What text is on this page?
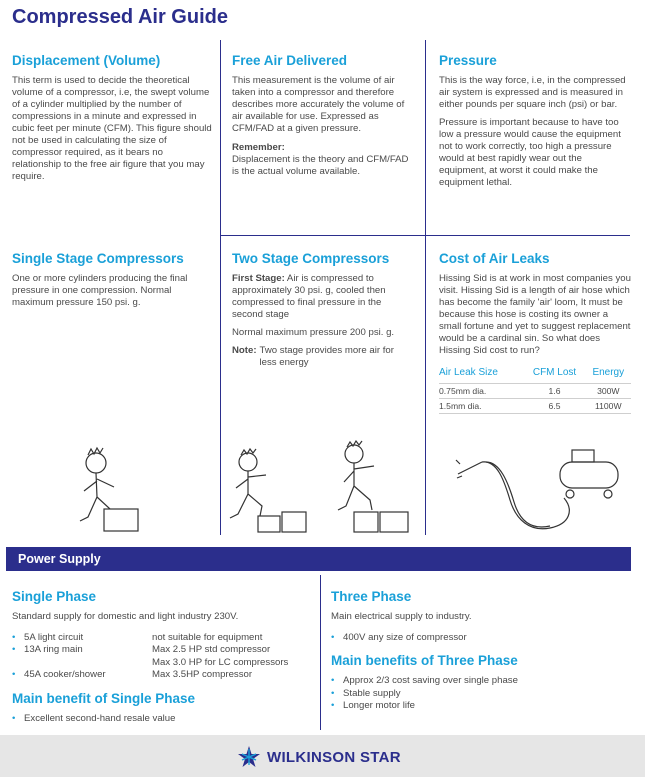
Compressed Air Guide
Displacement (Volume)
This term is used to decide the theoretical volume of a compressor, i.e, the swept volume of a cylinder multiplied by the number of compressions in a minute and expressed in cubic feet per minute (CFM). This figure should not be used in calculating the size of compressor required, as it bears no relationship to the free air figure that you may require.
Free Air Delivered
This measurement is the volume of air taken into a compressor and therefore describes more accurately the volume of air available for use. Expressed as CFM/FAD at a given pressure.
Remember:
Displacement is the theory and CFM/FAD is the actual volume available.
Pressure
This is the way force, i.e, in the compressed air system is expressed and is measured in either pounds per square inch (psi) or bar.
Pressure is important because to have too low a pressure would cause the equipment not to work correctly, too high a pressure would at best rapidly wear out the equipment, at worst it could make the equipment lethal.
Single Stage Compressors
One or more cylinders producing the final pressure in one compression. Normal maximum pressure 150 psi. g.
Two Stage Compressors
First Stage: Air is compressed to approximately 30 psi. g, cooled then compressed to final pressure in the second stage
Normal maximum pressure 200 psi. g.
Note: Two stage provides more air for less energy
Cost of Air Leaks
Hissing Sid is at work in most companies you visit. Hissing Sid is a length of air hose which has become the family 'air' loom, It must be because this hose is costing its owner a small fortune and yet to suggest replacement would be a cardinal sin. So what does Hissing Sid cost to run?
Air Leak Size	CFM Lost	Energy
0.75mm dia.	1.6	300W
1.5mm dia.	6.5	1100W
Power Supply
Single Phase
Standard supply for domestic and light industry 230V.
• 5A light circuit	not suitable for equipment
• 13A ring main	Max 2.5 HP std compressor
Max 3.0 HP for LC compressors
• 45A cooker/shower	Max 3.5HP compressor
Main benefit of Single Phase
• Excellent second-hand resale value
Three Phase
Main electrical supply to industry.
• 400V any size of compressor
Main benefits of Three Phase
• Approx 2/3 cost saving over single phase
• Stable supply
• Longer motor life
WILKINSON STAR
